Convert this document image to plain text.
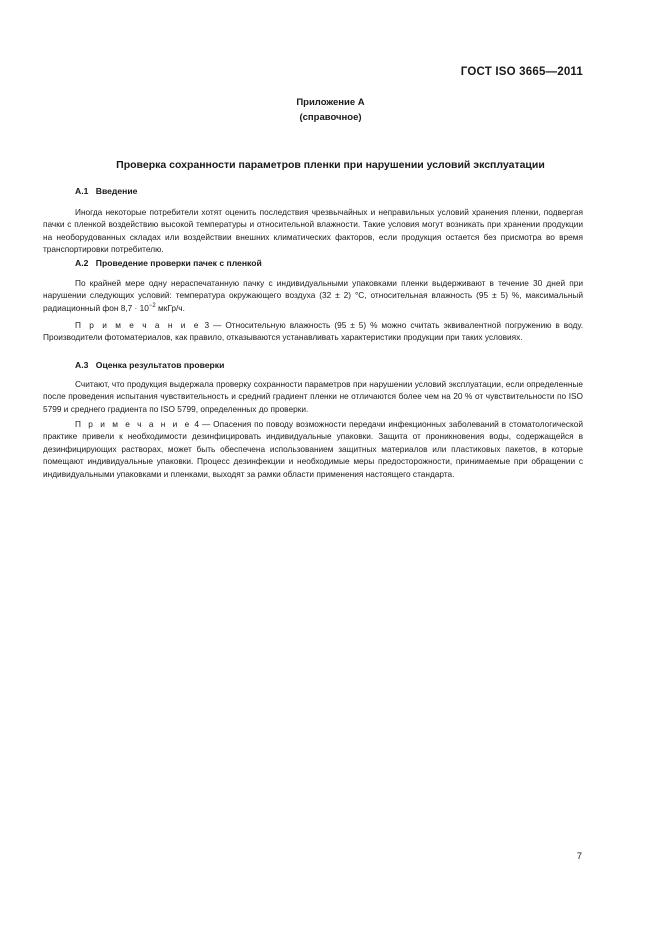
ГОСТ ISO 3665—2011
Приложение А
(справочное)
Проверка сохранности параметров пленки при нарушении условий эксплуатации
А.1 Введение

Иногда некоторые потребители хотят оценить последствия чрезвычайных и неправильных условий хранения пленки, подвергая пачки с пленкой воздействию высокой температуры и относительной влажности. Такие условия могут возникать при хранении продукции на необорудованных складах или воздействии внешних климатических факторов, если продукция остается без присмотра во время транспортировки потребителю.

А.2 Проведение проверки пачек с пленкой

По крайней мере одну нераспечатанную пачку с индивидуальными упаковками пленки выдерживают в течение 30 дней при нарушении следующих условий: температура окружающего воздуха (32 ± 2) °С, относительная влажность (95 ± 5) %, максимальный радиационный фон $8,7 \cdot 10^{-2}$ мкГр/ч.

П р и м е ч а н и е 3 — Относительную влажность (95 ± 5) % можно считать эквивалентной погружению в воду. Производители фотоматериалов, как правило, отказываются устанавливать характеристики продукции при таких условиях.

А.3 Оценка результатов проверки

Считают, что продукция выдержала проверку сохранности параметров при нарушении условий эксплуатации, если определенные после проведения испытания чувствительность и средний градиент пленки не отличаются более чем на 20 % от чувствительности по ISO 5799 и среднего градиента по ISO 5799, определенных до проверки.

П р и м е ч а н и е 4 — Опасения по поводу возможности передачи инфекционных заболеваний в стоматологической практике привели к необходимости дезинфицировать индивидуальные упаковки. Защита от проникновения воды, содержащейся в дезинфицирующих растворах, может быть обеспечена использованием защитных материалов или пластиковых пакетов, в которые помещают индивидуальные упаковки. Процесс дезинфекции и необходимые меры предосторожности, принимаемые при обращении с индивидуальными упаковками и пленками, выходят за рамки области применения настоящего стандарта.

7
